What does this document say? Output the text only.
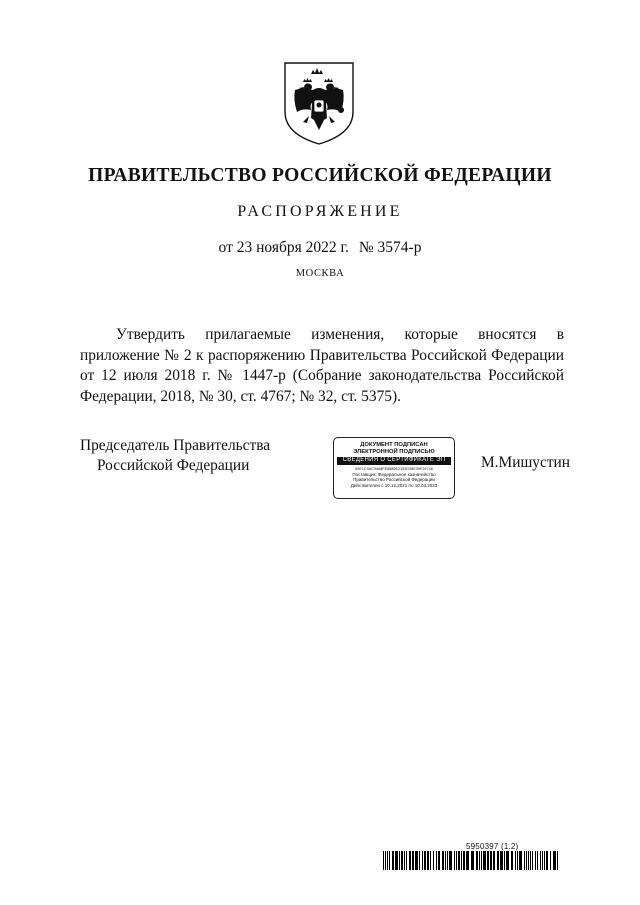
ПРАВИТЕЛЬСТВО РОССИЙСКОЙ ФЕДЕРАЦИИ
РАСПОРЯЖЕНИЕ
от 23 ноября 2022 г. № 3574-р
МОСКВА

Утвердить прилагаемые изменения, которые вносятся в приложение № 2 к распоряжению Правительства Российской Федерации от 12 июля 2018 г. № 1447-р (Собрание законодательства Российской Федерации, 2018, № 30, ст. 4767; № 32, ст. 5375).

Председатель Правительства
Российской Федерации
ДОКУМЕНТ ПОДПИСАН
ЭЛЕКТРОННОЙ ПОДПИСЬЮ
СВЕДЕНИЯ О СЕРТИФИКАТЕ ЭП
00E1C3AC9468FE8880E2153D38E39F29748
Поставщик: Федеральное казначейство
Правительство Российской Федерации
Действителен с 10.12.2021 по 10.03.2023
М.Мишустин
5950397 (1.2)
